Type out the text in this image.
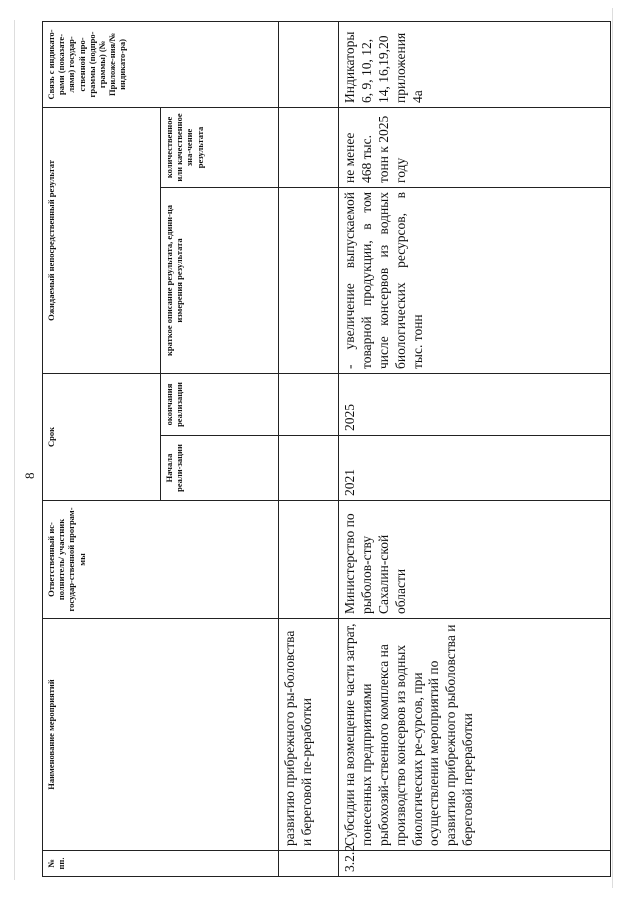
8
№ пп.	Наименование мероприятий	Ответственный ис-полнитель/ участник государ-ственной програм-мы	Срок		Ожидаемый непосредственный результат		Связь с индикато-рами (показате-лями) государ-ственной про-граммы (подпро-граммы) (№ Приложе-ния/№ индикато-ра)
			Начала реали-зации	окончания реализации	краткое описание результата, едини-ца измерения результата	количественное или качественное зна-чение результата	
	развитию прибрежного ры-боловства и береговой пе-реработки						
3.2.2.	Субсидии на возмещение части затрат, понесенных предприятиями рыбохозяй-ственного комплекса на производство консервов из водных биологических ре-сурсов, при осуществлении мероприятий по развитию прибрежного рыболовства и береговой переработки	Министерство по рыболов-ству Сахалин-ской области	2021	2025	- увеличение выпускаемой товарной продукции, в том числе консервов из водных биологических ресурсов, в тыс. тонн	не менее 468 тыс. тонн к 2025 году	Индикаторы 6, 9, 10, 12, 14, 16,19,20 приложения 4а
